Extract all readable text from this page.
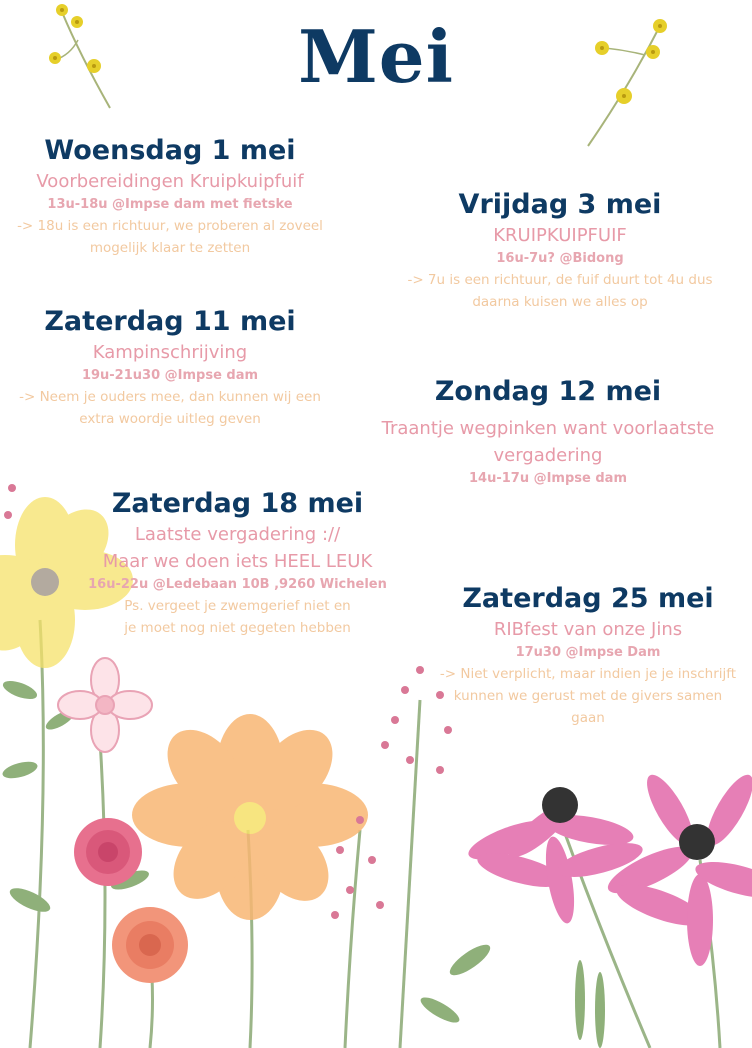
Mei
Woensdag 1 mei
Voorbereidingen Kruipkuipfuif
13u-18u @Impse dam met fietske
-> 18u is een richtuur, we proberen al zoveel
mogelijk klaar te zetten
Vrijdag 3 mei
KRUIPKUIPFUIF
16u-7u? @Bidong
-> 7u is een richtuur, de fuif duurt tot 4u dus
daarna kuisen we alles op
Zaterdag 11 mei
Kampinschrijving
19u-21u30 @Impse dam
-> Neem je ouders mee, dan kunnen wij een
extra woordje uitleg geven
Zondag 12 mei
Traantje wegpinken want voorlaatste
vergadering
14u-17u @Impse dam
Zaterdag 18 mei
Laatste vergadering ://
Maar we doen iets HEEL LEUK
16u-22u @Ledebaan 10B ,9260 Wichelen
Ps. vergeet je zwemgerief niet en
je moet nog niet gegeten hebben
Zaterdag 25 mei
RIBfest van onze Jins
17u30 @Impse Dam
-> Niet verplicht, maar indien je je inschrijft
kunnen we gerust met de givers samen
gaan
